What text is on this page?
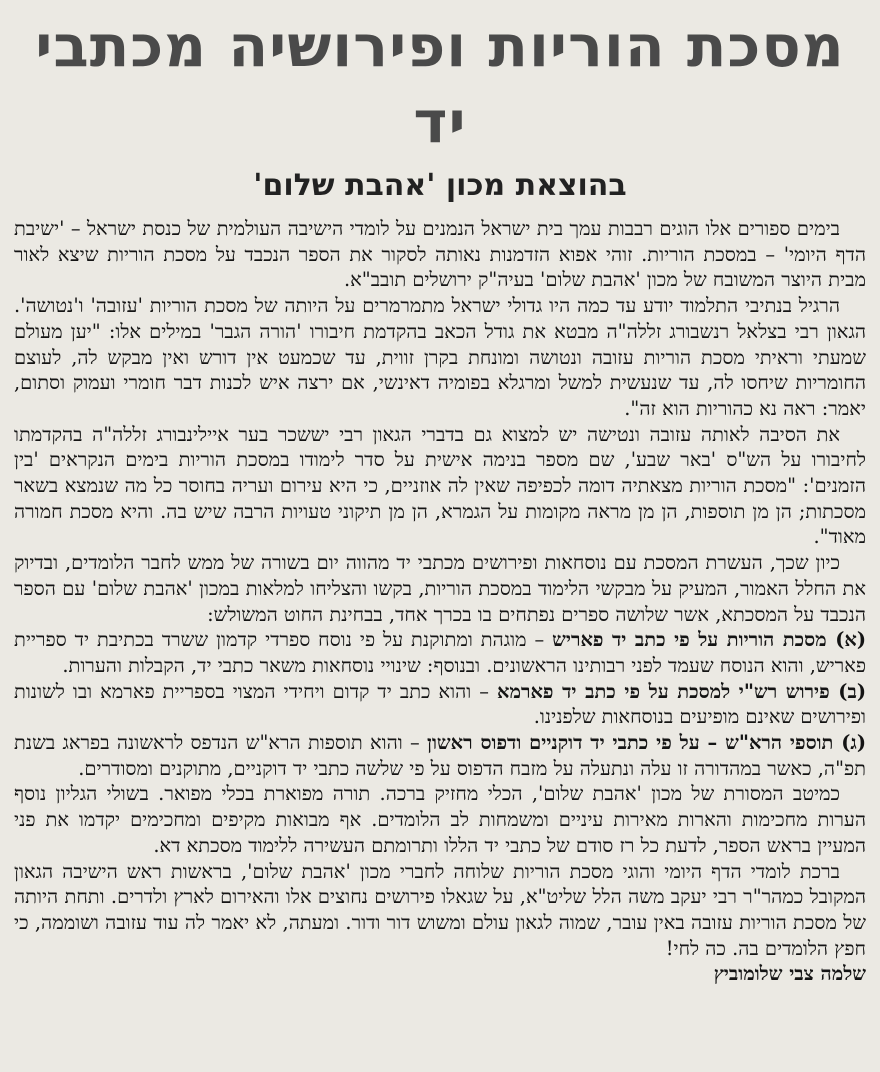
מסכת הוריות ופירושיה מכתבי יד
בהוצאת מכון 'אהבת שלום'

בימים ספורים אלו הוגים רבבות עמך בית ישראל הנמנים על לומדי הישיבה העולמית של כנסת ישראל – 'ישיבת הדף היומי' – במסכת הוריות. זוהי אפוא הזדמנות נאותה לסקור את הספר הנכבד על מסכת הוריות שיצא לאור מבית היוצר המשובח של מכון 'אהבת שלום' בעיה"ק ירושלים תובב"א.

הרגיל בנתיבי התלמוד יודע עד כמה היו גדולי ישראל מתמרמרים על היותה של מסכת הוריות 'עזובה' ו'נטושה'. הגאון רבי בצלאל רנשבורג זללה"ה מבטא את גודל הכאב בהקדמת חיבורו 'הורה הגבר' במילים אלו: "יען מעולם שמעתי וראיתי מסכת הוריות עזובה ונטושה ומונחת בקרן זווית, עד שכמעט אין דורש ואין מבקש לה, לעוצם החומריות שיחסו לה, עד שנעשית למשל ומרגלא בפומיה דאינשי, אם ירצה איש לכנות דבר חומרי ועמוק וסתום, יאמר: ראה נא כהוריות הוא זה".

את הסיבה לאותה עזובה ונטישה יש למצוא גם בדברי הגאון רבי יששכר בער איילינבורג זללה"ה בהקדמתו לחיבורו על הש"ס 'באר שבע', שם מספר בנימה אישית על סדר לימודו במסכת הוריות בימים הנקראים 'בין הזמנים': "מסכת הוריות מצאתיה דומה לכפיפה שאין לה אוזניים, כי היא עירום ועריה בחוסר כל מה שנמצא בשאר מסכתות; הן מן תוספות, הן מן מראה מקומות על הגמרא, הן מן תיקוני טעויות הרבה שיש בה. והיא מסכת חמורה מאוד".

כיון שכך, העשרת המסכת עם נוסחאות ופירושים מכתבי יד מהווה יום בשורה של ממש לחבר הלומדים, ובדיוק את החלל האמור, המעיק על מבקשי הלימוד במסכת הוריות, בקשו והצליחו למלאות במכון 'אהבת שלום' עם הספר הנכבד על המסכתא, אשר שלושה ספרים נפתחים בו בכרך אחד, בבחינת החוט המשולש:

(א) מסכת הוריות על פי כתב יד פאריש – מוגהת ומתוקנת על פי נוסח ספרדי קדמון ששרד בכתיבת יד ספריית פאריש, והוא הנוסח שעמד לפני רבותינו הראשונים. ובנוסף: שינויי נוסחאות משאר כתבי יד, הקבלות והערות.

(ב) פירוש רש"י למסכת על פי כתב יד פארמא – והוא כתב יד קדום ויחידי המצוי בספריית פארמא ובו לשונות ופירושים שאינם מופיעים בנוסחאות שלפנינו.

(ג) תוספי הרא"ש – על פי כתבי יד דוקניים ודפוס ראשון – והוא תוספות הרא"ש הנדפס לראשונה בפראג בשנת תפ"ה, כאשר במהדורה זו עלה ונתעלה על מזבח הדפוס על פי שלשה כתבי יד דוקניים, מתוקנים ומסודרים.

כמיטב המסורת של מכון 'אהבת שלום', הכלי מחזיק ברכה. תורה מפוארת בכלי מפואר. בשולי הגליון נוסף הערות מחכימות והארות מאירות עיניים ומשמחות לב הלומדים. אף מבואות מקיפים ומחכימים יקדמו את פני המעיין בראש הספר, לדעת כל רז סודם של כתבי יד הללו ותרומתם העשירה ללימוד מסכתא דא.

ברכת לומדי הדף היומי והוגי מסכת הוריות שלוחה לחברי מכון 'אהבת שלום', בראשות ראש הישיבה הגאון המקובל כמהר"ר רבי יעקב משה הלל שליט"א, על שגאלו פירושים נחוצים אלו והאירום לארץ ולדרים. ותחת היותה של מסכת הוריות עזובה באין עובר, שמוה לגאון עולם ומשוש דור ודור. ומעתה, לא יאמר לה עוד עזובה ושוממה, כי חפץ הלומדים בה. כה לחי!

שלמה צבי שלומוביץ
